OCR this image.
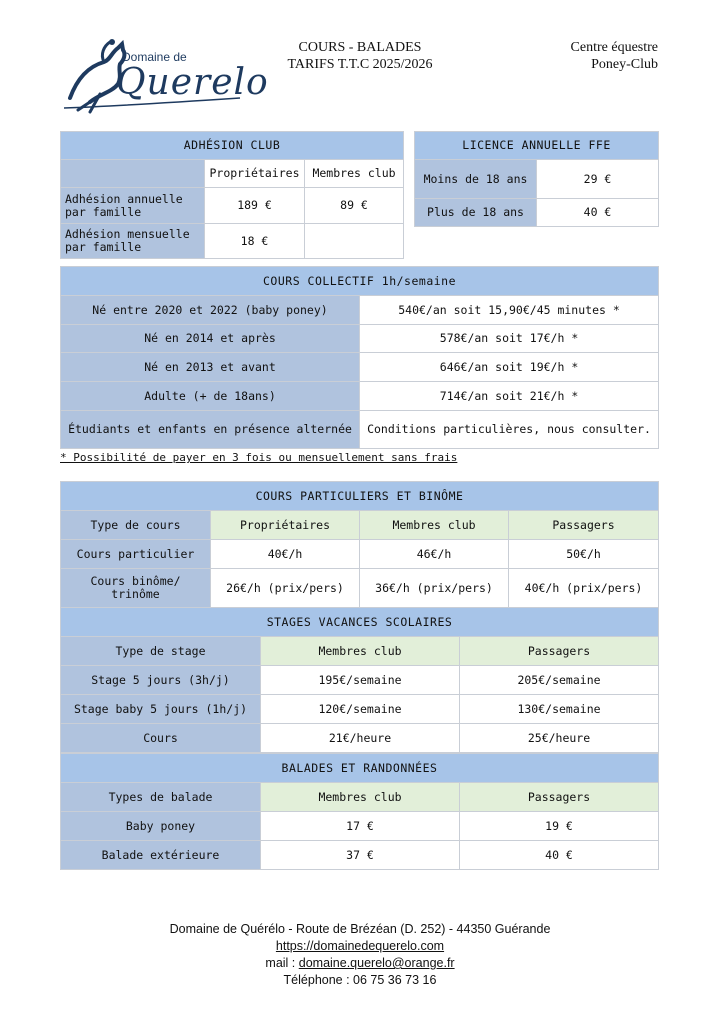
Domaine de
Querelo
COURS - BALADES
TARIFS T.T.C 2025/2026
Centre équestre
Poney-Club
ADHÉSION CLUB		
	Propriétaires	Membres club
Adhésion annuelle par famille	189 €	89 €
Adhésion mensuelle par famille	18 €	
LICENCE ANNUELLE FFE	
Moins de 18 ans	29 €
Plus de 18 ans	40 €
COURS COLLECTIF 1h/semaine	
Né entre 2020 et 2022 (baby poney)	540€/an soit 15,90€/45 minutes *
Né en 2014 et après	578€/an soit 17€/h *
Né en 2013 et avant	646€/an soit 19€/h *
Adulte (+ de 18ans)	714€/an soit 21€/h *
Étudiants et enfants en présence alternée	Conditions particulières, nous consulter.
* Possibilité de payer en 3 fois ou mensuellement sans frais
COURS PARTICULIERS ET BINÔME			
Type de cours	Propriétaires	Membres club	Passagers
Cours particulier	40€/h	46€/h	50€/h
Cours binôme/ trinôme	26€/h (prix/pers)	36€/h (prix/pers)	40€/h (prix/pers)
STAGES VACANCES SCOLAIRES		
Type de stage	Membres club	Passagers
Stage 5 jours (3h/j)	195€/semaine	205€/semaine
Stage baby 5 jours (1h/j)	120€/semaine	130€/semaine
Cours	21€/heure	25€/heure
BALADES ET RANDONNÉES		
Types de balade	Membres club	Passagers
Baby poney	17 €	19 €
Balade extérieure	37 €	40 €
Domaine de Quérélo - Route de Brézéan (D. 252) - 44350 Guérande
https://domainedequerelo.com
mail : domaine.querelo@orange.fr
Téléphone : 06 75 36 73 16
